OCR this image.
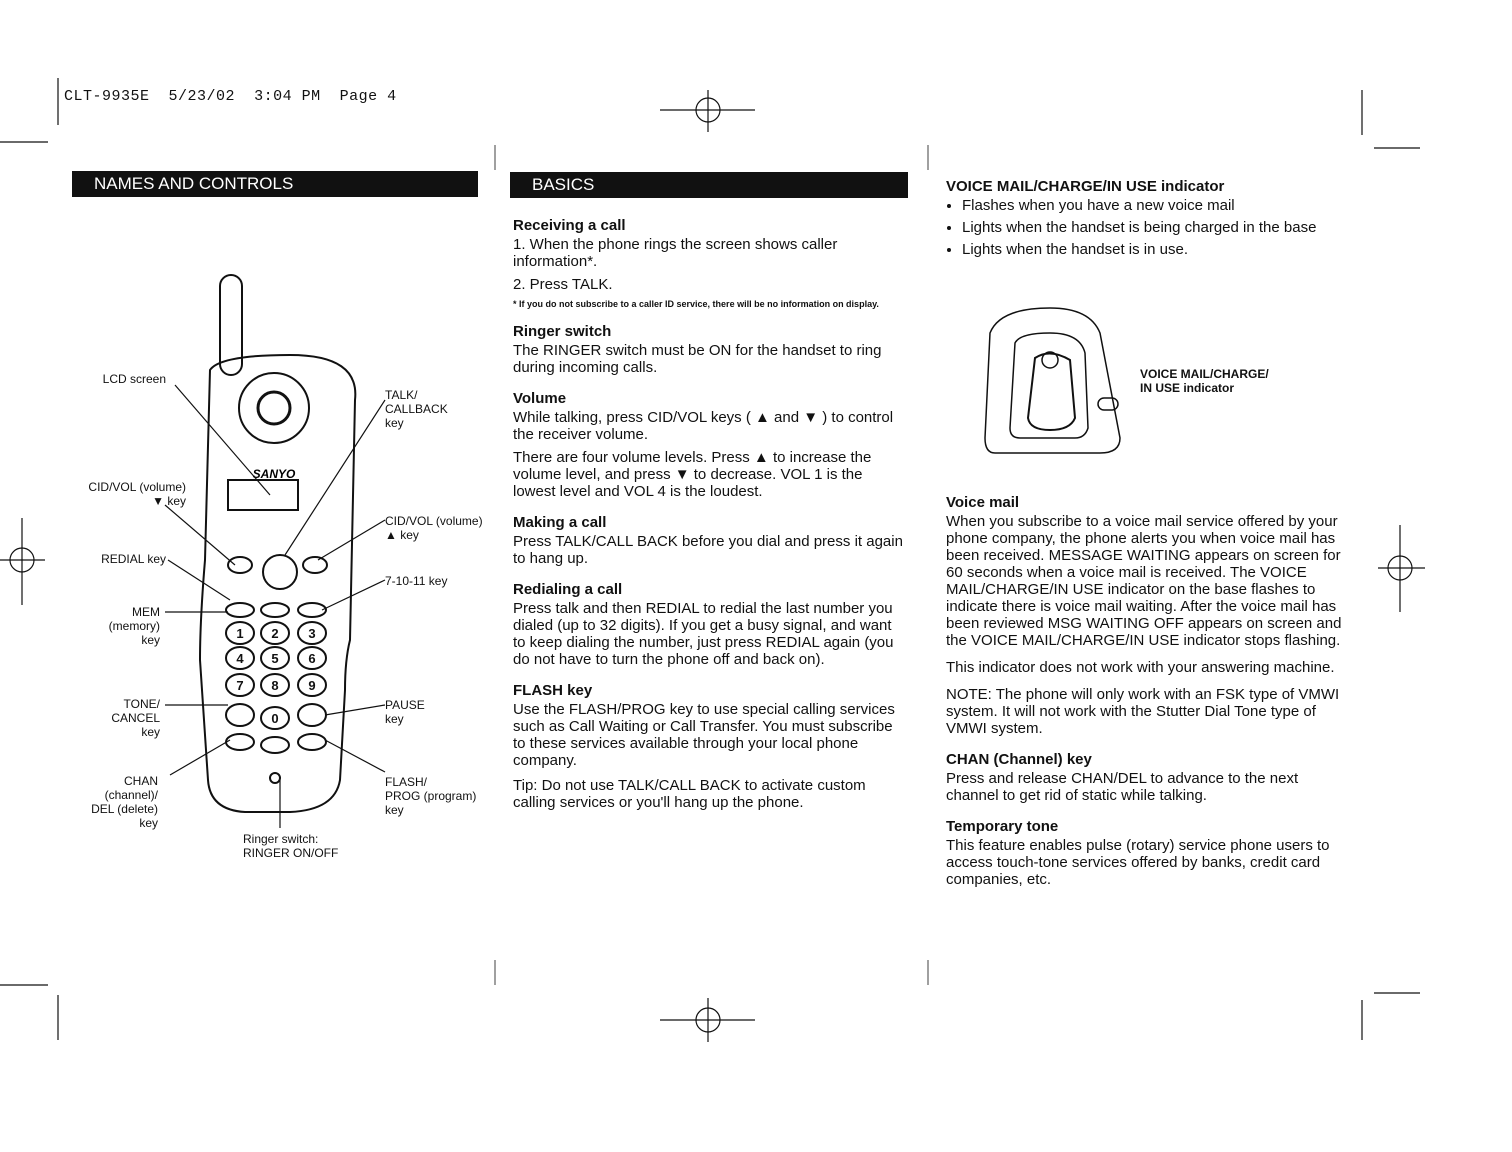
CLT-9935E 5/23/02 3:04 PM Page 4
NAMES AND CONTROLS
1 2 3
4 5 6
7 8 9
0
SANYO
LCD screen
CID/VOL (volume)
▼ key
REDIAL key
MEM
(memory)
key
TONE/
CANCEL
key
CHAN
(channel)/
DEL (delete)
key
TALK/
CALLBACK
key
CID/VOL (volume)
▲ key
7-10-11 key
PAUSE
key
FLASH/
PROG (program)
key
Ringer switch:
RINGER ON/OFF
BASICS
Receiving a call

1. When the phone rings the screen shows caller information*.

2. Press TALK.

* If you do not subscribe to a caller ID service, there will be no information on display.

Ringer switch

The RINGER switch must be ON for the handset to ring during incoming calls.

Volume

While talking, press CID/VOL keys ( ▲ and ▼ ) to control the receiver volume.

There are four volume levels. Press ▲ to increase the volume level, and press ▼ to decrease. VOL 1 is the lowest level and VOL 4 is the loudest.

Making a call

Press TALK/CALL BACK before you dial and press it again to hang up.

Redialing a call

Press talk and then REDIAL to redial the last number you dialed (up to 32 digits). If you get a busy signal, and want to keep dialing the number, just press REDIAL again (you do not have to turn the phone off and back on).

FLASH key

Use the FLASH/PROG key to use special calling services such as Call Waiting or Call Transfer. You must subscribe to these services available through your local phone company.

Tip: Do not use TALK/CALL BACK to activate custom calling services or you'll hang up the phone.

VOICE MAIL/CHARGE/IN USE indicator
• Flashes when you have a new voice mail
• Lights when the handset is being charged in the base
• Lights when the handset is in use.
VOICE MAIL/CHARGE/
IN USE indicator
Voice mail

When you subscribe to a voice mail service offered by your phone company, the phone alerts you when voice mail has been received. MESSAGE WAITING appears on screen for 60 seconds when a voice mail is received. The VOICE MAIL/CHARGE/IN USE indicator on the base flashes to indicate there is voice mail waiting. After the voice mail has been reviewed MSG WAITING OFF appears on screen and the VOICE MAIL/CHARGE/IN USE indicator stops flashing.

This indicator does not work with your answering machine.

NOTE: The phone will only work with an FSK type of VMWI system. It will not work with the Stutter Dial Tone type of VMWI system.

CHAN (Channel) key

Press and release CHAN/DEL to advance to the next channel to get rid of static while talking.

Temporary tone

This feature enables pulse (rotary) service phone users to access touch-tone services offered by banks, credit card companies, etc.
